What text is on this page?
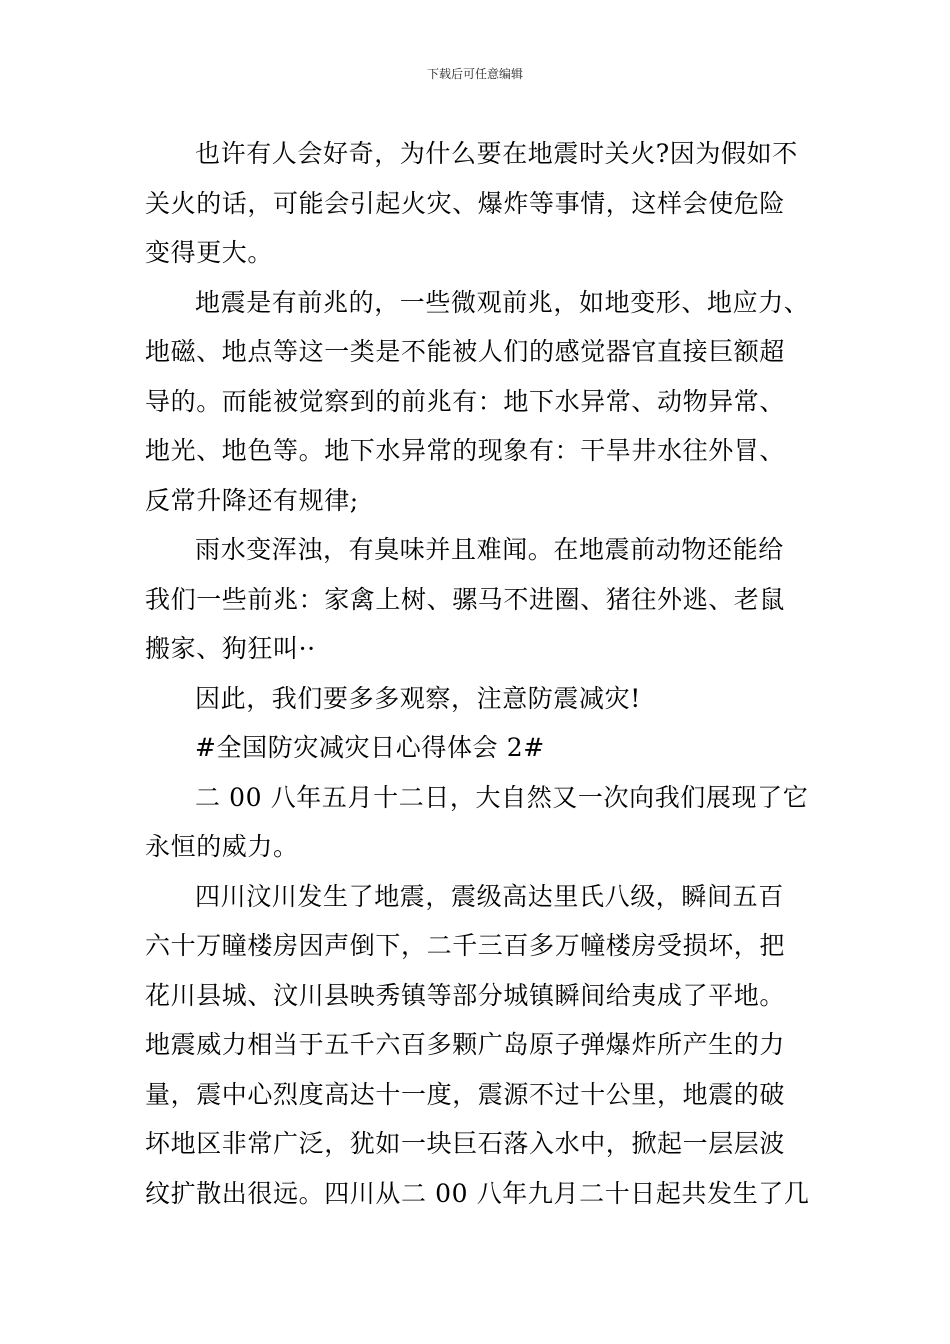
下载后可任意编辑
也许有人会好奇，为什么要在地震时关火?因为假如不
关火的话，可能会引起火灾、爆炸等事情，这样会使危险
变得更大。
地震是有前兆的，一些微观前兆，如地变形、地应力、
地磁、地点等这一类是不能被人们的感觉器官直接巨额超
导的。而能被觉察到的前兆有：地下水异常、动物异常、
地光、地色等。地下水异常的现象有：干旱井水往外冒、
反常升降还有规律;
雨水变浑浊，有臭味并且难闻。在地震前动物还能给
我们一些前兆：家禽上树、骡马不进圈、猪往外逃、老鼠
搬家、狗狂叫··
因此，我们要多多观察，注意防震减灾!
#全国防灾减灾日心得体会 2#
二 00 八年五月十二日，大自然又一次向我们展现了它
永恒的威力。
四川汶川发生了地震，震级高达里氏八级，瞬间五百
六十万瞳楼房因声倒下，二千三百多万幢楼房受损坏，把
花川县城、汶川县映秀镇等部分城镇瞬间给夷成了平地。
地震威力相当于五千六百多颗广岛原子弹爆炸所产生的力
量，震中心烈度高达十一度，震源不过十公里，地震的破
坏地区非常广泛，犹如一块巨石落入水中，掀起一层层波
纹扩散出很远。四川从二 00 八年九月二十日起共发生了几
